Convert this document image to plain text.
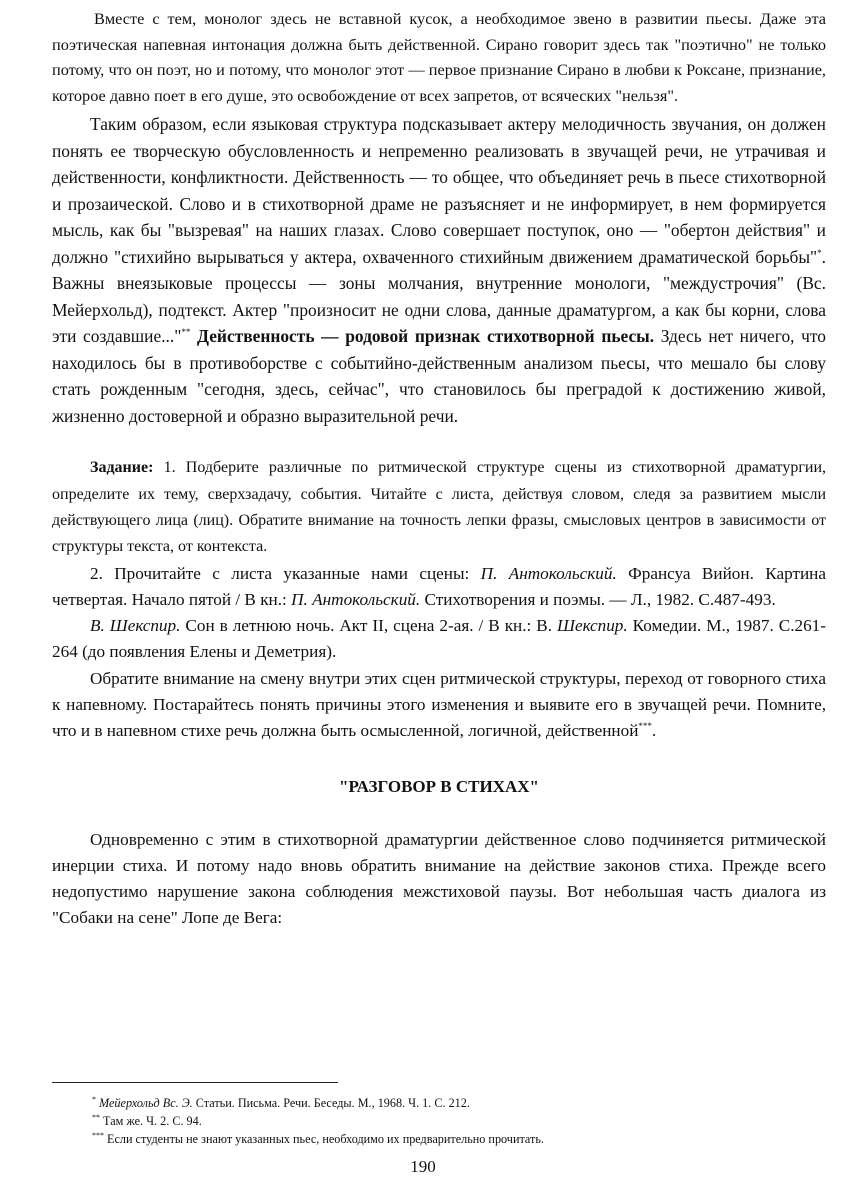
Вместе с тем, монолог здесь не вставной кусок, а необходимое звено в развитии пьесы. Даже эта поэтическая напевная интонация должна быть действенной. Сирано говорит здесь так "поэтично" не только потому, что он поэт, но и потому, что монолог этот — первое признание Сирано в любви к Роксане, признание, которое давно поет в его душе, это освобождение от всех запретов, от всяческих "нельзя".

Таким образом, если языковая структура подсказывает актеру мелодичность звучания, он должен понять ее творческую обусловленность и непременно реализовать в звучащей речи, не утрачивая и действенности, конфликтности. Действенность — то общее, что объединяет речь в пьесе стихотворной и прозаической. Слово и в стихотворной драме не разъясняет и не информирует, в нем формируется мысль, как бы "вызревая" на наших глазах. Слово совершает поступок, оно — "обертон действия" и должно "стихийно вырываться у актера, охваченного стихийным движением драматической борьбы"*. Важны внеязыковые процессы — зоны молчания, внутренние монологи, "междустрочия" (Вс. Мейерхольд), подтекст. Актер "произносит не одни слова, данные драматургом, а как бы корни, слова эти создавшие..."** Действенность — родовой признак стихотворной пьесы. Здесь нет ничего, что находилось бы в противоборстве с событийно-действенным анализом пьесы, что мешало бы слову стать рожденным "сегодня, здесь, сейчас", что становилось бы преградой к достижению живой, жизненно достоверной и образно выразительной речи.

Задание: 1. Подберите различные по ритмической структуре сцены из стихотворной драматургии, определите их тему, сверхзадачу, события. Читайте с листа, действуя словом, следя за развитием мысли действующего лица (лиц). Обратите внимание на точность лепки фразы, смысловых центров в зависимости от структуры текста, от контекста.

2. Прочитайте с листа указанные нами сцены: П. Антокольский. Франсуа Вийон. Картина четвертая. Начало пятой / В кн.: П. Антокольский. Стихотворения и поэмы. — Л., 1982. С.487-493.

В. Шекспир. Сон в летнюю ночь. Акт II, сцена 2-ая. / В кн.: В. Шекспир. Комедии. М., 1987. С.261-264 (до появления Елены и Деметрия).

Обратите внимание на смену внутри этих сцен ритмической структуры, переход от говорного стиха к напевному. Постарайтесь понять причины этого изменения и выявите его в звучащей речи. Помните, что и в напевном стихе речь должна быть осмысленной, логичной, действенной***.

"РАЗГОВОР В СТИХАХ"

Одновременно с этим в стихотворной драматургии действенное слово подчиняется ритмической инерции стиха. И потому надо вновь обратить внимание на действие законов стиха. Прежде всего недопустимо нарушение закона соблюдения межстиховой паузы. Вот небольшая часть диалога из "Собаки на сене" Лопе де Вега:

* Мейерхольд Вс. Э. Статьи. Письма. Речи. Беседы. М., 1968. Ч. 1. С. 212.

** Там же. Ч. 2. С. 94.

*** Если студенты не знают указанных пьес, необходимо их предварительно прочитать.

190
